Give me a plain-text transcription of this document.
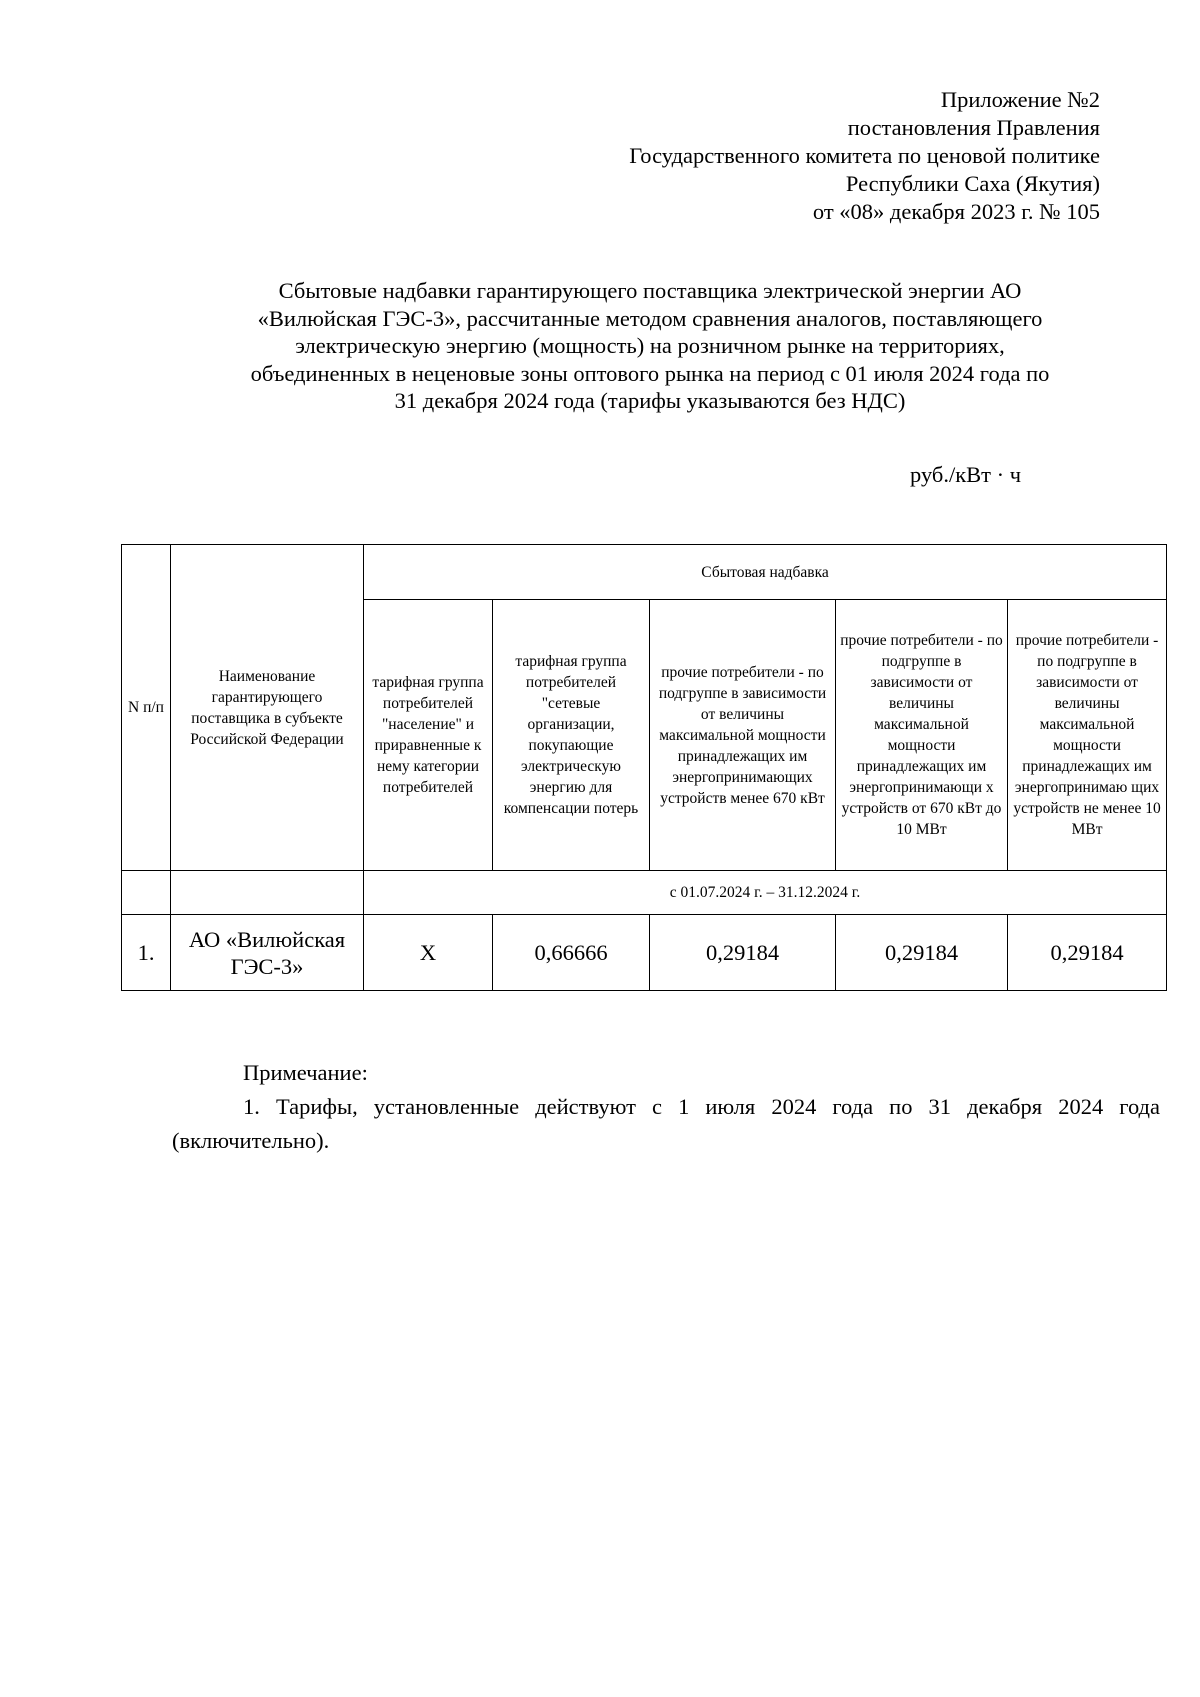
Приложение №2
постановления Правления
Государственного комитета по ценовой политике
Республики Саха (Якутия)
от «08» декабря 2023 г. № 105
Сбытовые надбавки гарантирующего поставщика электрической энергии АО
«Вилюйская ГЭС-3», рассчитанные методом сравнения аналогов, поставляющего
электрическую энергию (мощность) на розничном рынке на территориях,
объединенных в неценовые зоны оптового рынка на период с 01 июля 2024 года по
31 декабря 2024 года (тарифы указываются без НДС)
руб./кВт · ч
N п/п	Наименование гарантирующего поставщика в субъекте Российской Федерации	Сбытовая надбавка				
		тарифная группа потребителей "население" и приравненные к нему категории потребителей	тарифная группа потребителей "сетевые организации, покупающие электрическую энергию для компенсации потерь	прочие потребители - по подгруппе в зависимости от величины максимальной мощности принадлежащих им энергопринимающих устройств менее 670 кВт	прочие потребители - по подгруппе в зависимости от величины максимальной мощности принадлежащих им энергопринимающи х устройств от 670 кВт до 10 МВт	прочие потребители - по подгруппе в зависимости от величины максимальной мощности принадлежащих им энергопринимаю щих устройств не менее 10 МВт
		с 01.07.2024 г. – 31.12.2024 г.				
1.	АО «Вилюйская ГЭС-3»	Х	0,66666	0,29184	0,29184	0,29184
Примечание:
1. Тарифы, установленные действуют с 1 июля 2024 года по 31 декабря 2024 года (включительно).
